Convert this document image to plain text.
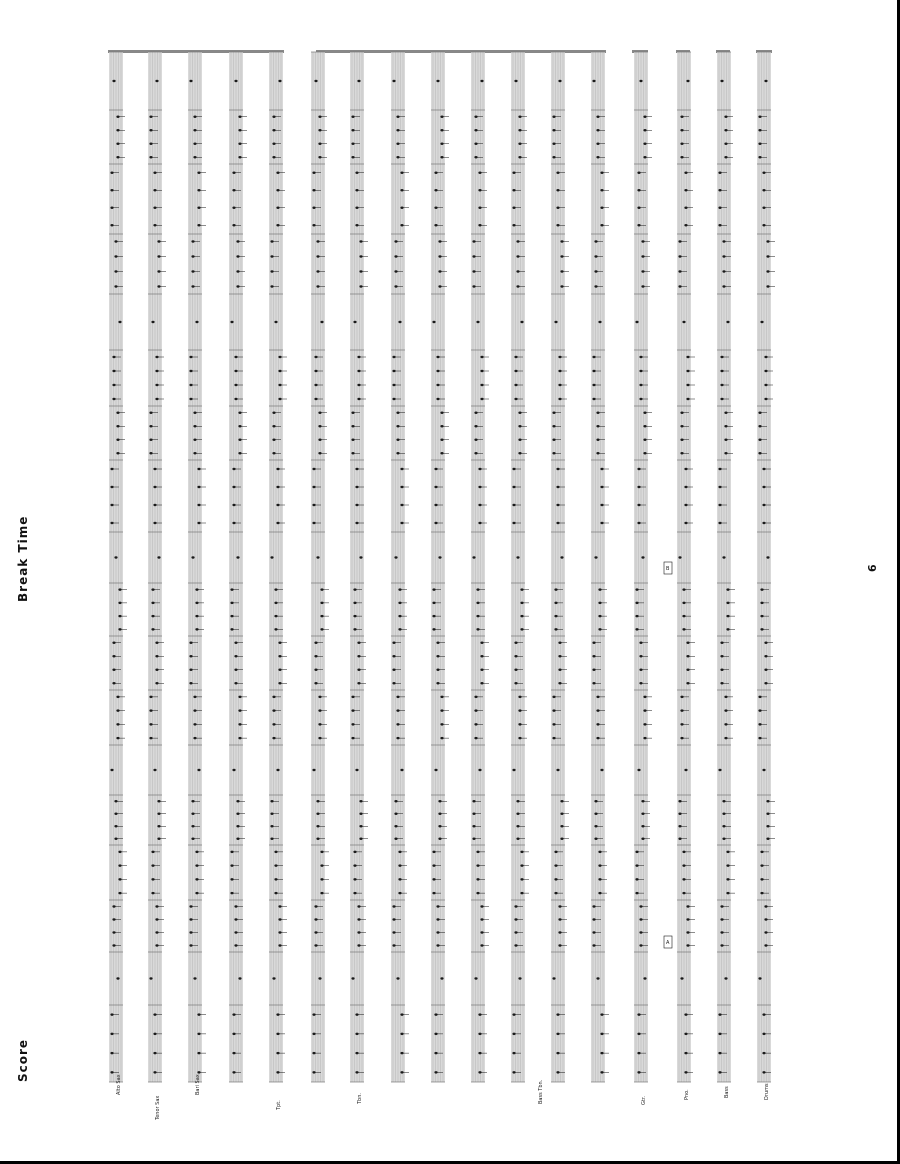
Score
Break Time	6
A
B
Alto Sax
Tenor Sax
Bari Sax
Tpt.
Tbn.	Bass Tbn.	Gtr.
Pno.	Bass	Drums
